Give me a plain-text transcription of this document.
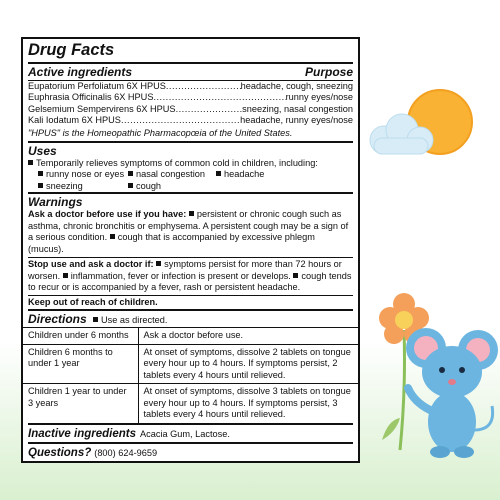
Drug Facts
Active ingredients	Purpose
Eupatorium Perfoliatum 6X HPUS .....	headache, cough, sneezing
Euphrasia Officinalis 6X HPUS .....	runny eyes/nose
Gelsemium Sempervirens 6X HPUS .....	sneezing, nasal congestion
Kali Iodatum 6X HPUS .....	headache, runny eyes/nose
"HPUS" is the Homeopathic Pharmacopœia of the United States.
Uses
Temporarily relieves symptoms of common cold in children, including:
runny nose or eyes	nasal congestion	headache
sneezing	cough
Warnings
Ask a doctor before use if you have: persistent or chronic cough such as asthma, chronic bronchitis or emphysema. A persistent cough may be a sign of a serious condition. cough that is accompanied by excessive phlegm (mucus).
Stop use and ask a doctor if: symptoms persist for more than 72 hours or worsen. inflammation, fever or infection is present or develops. cough tends to recur or is accompanied by a fever, rash or persistent headache.
Keep out of reach of children.
Directions Use as directed.
Children under 6 months	Ask a doctor before use.
Children 6 months to under 1 year	At onset of symptoms, dissolve 2 tablets on tongue every hour up to 4 hours. If symptoms persist, 2 tablets every 4 hours until relieved.
Children 1 year to under 3 years	At onset of symptoms, dissolve 3 tablets on tongue every hour up to 4 hours. If symptoms persist, 3 tablets every 4 hours until relieved.
Inactive ingredients Acacia Gum, Lactose.
Questions? (800) 624-9659
